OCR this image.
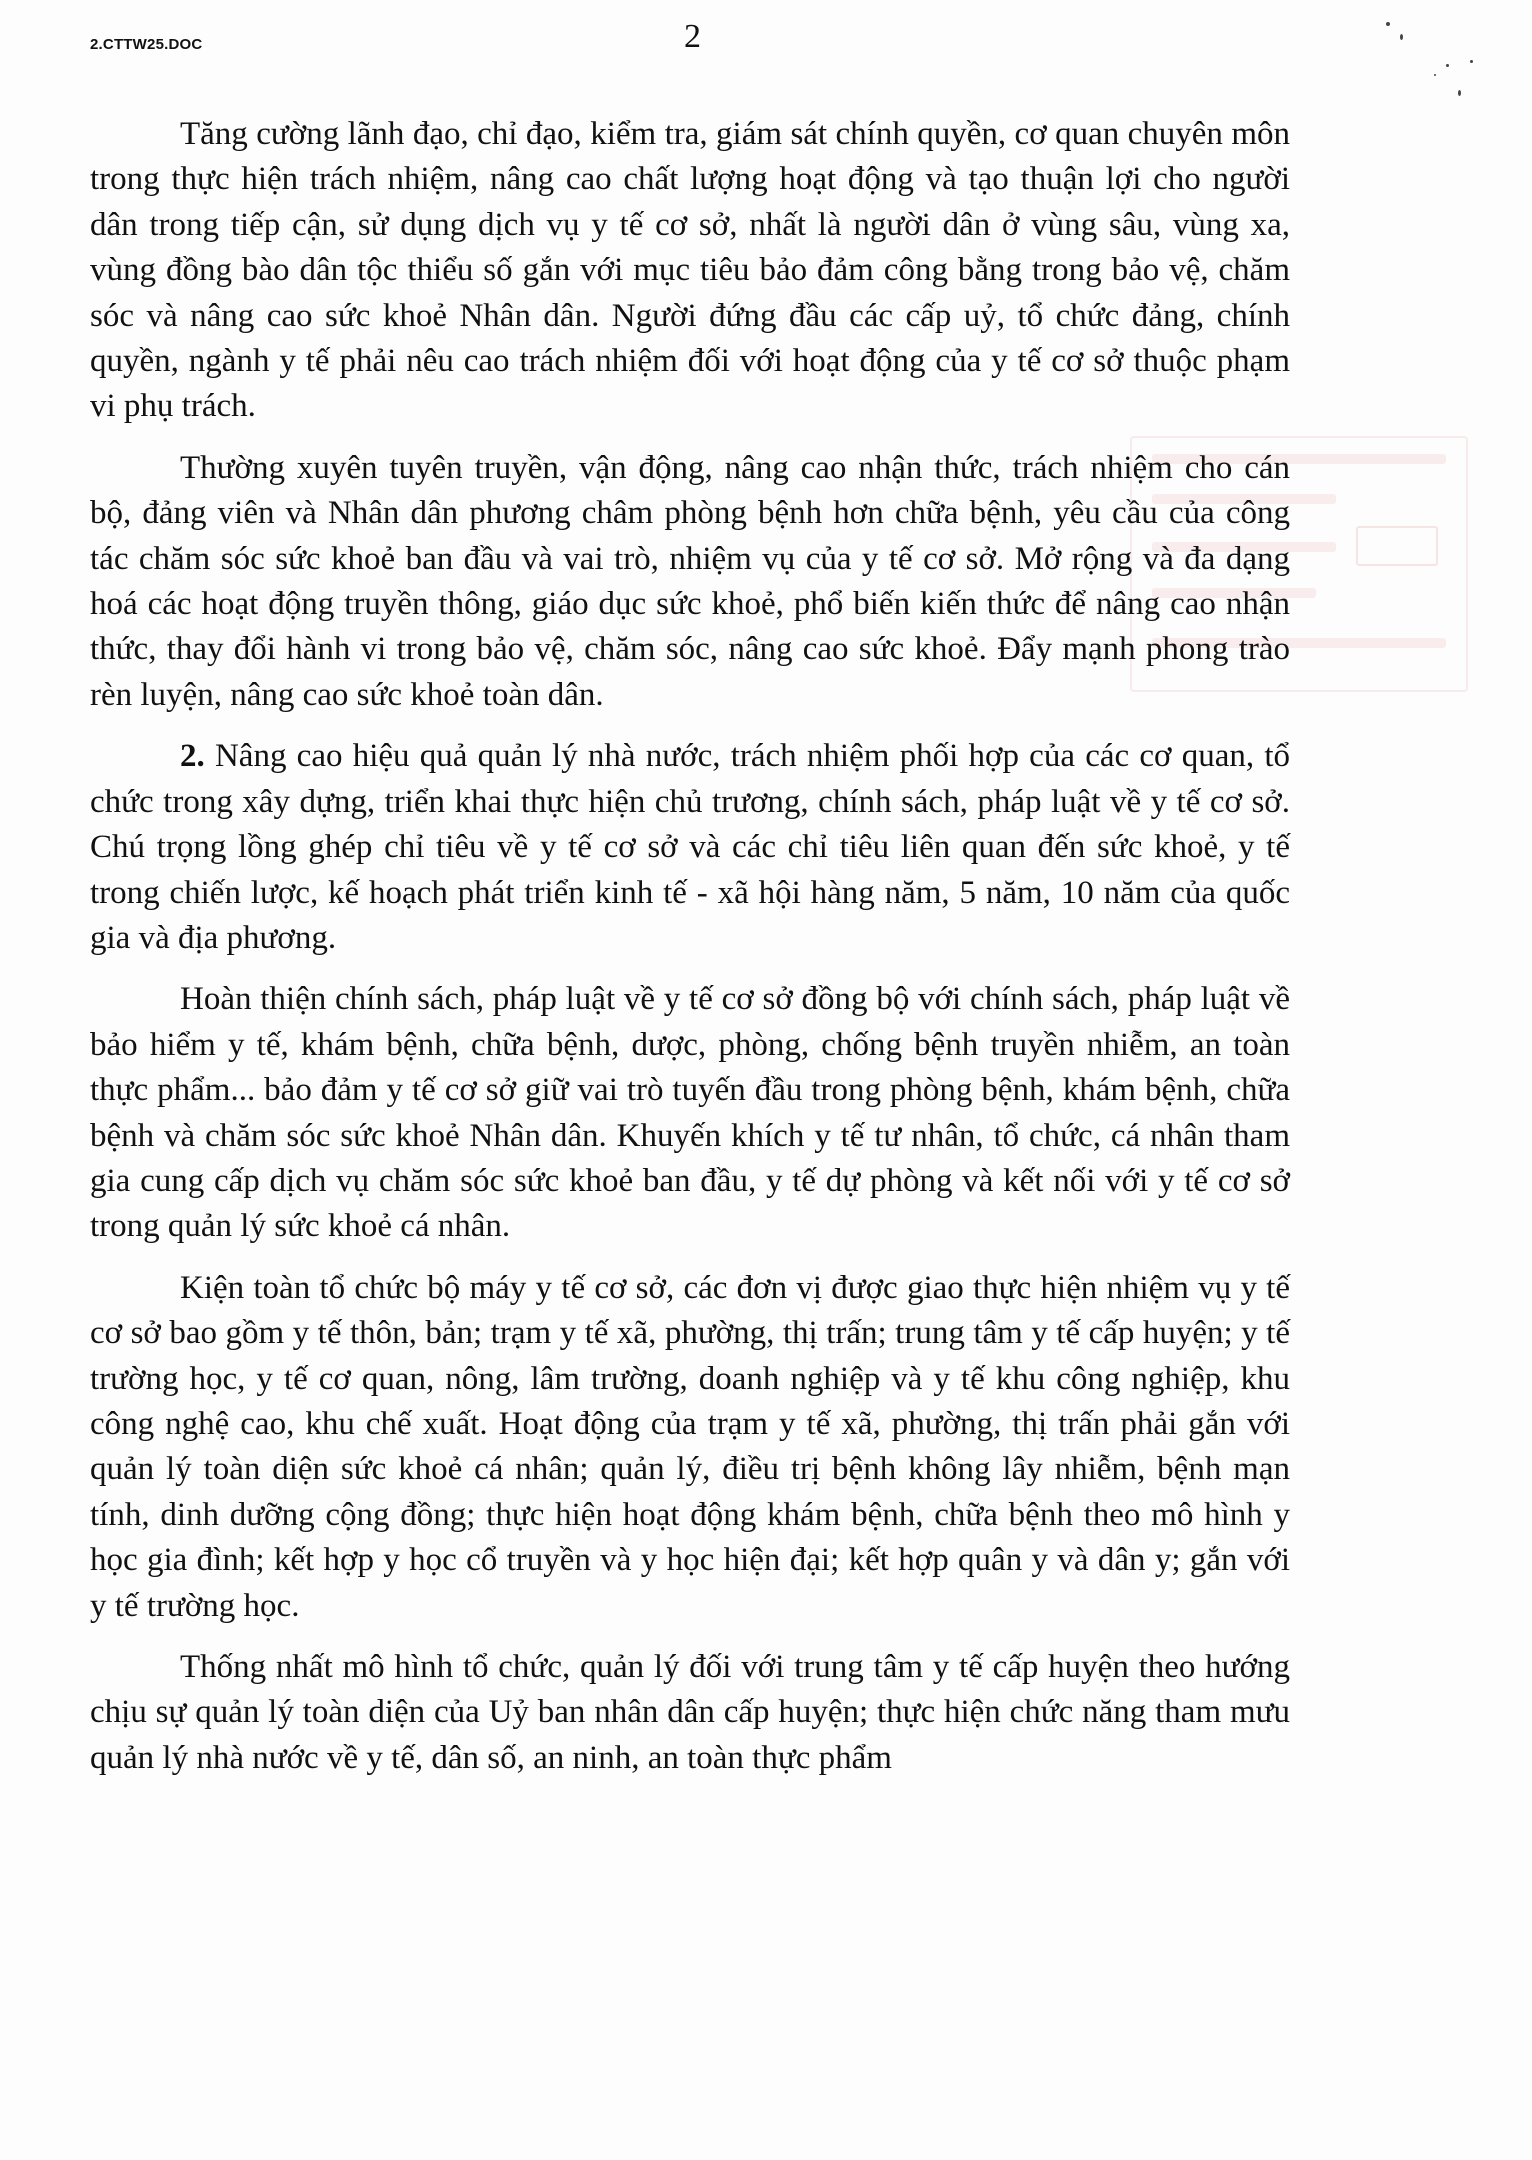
2.CTTW25.DOC	2

Tăng cường lãnh đạo, chỉ đạo, kiểm tra, giám sát chính quyền, cơ quan chuyên môn trong thực hiện trách nhiệm, nâng cao chất lượng hoạt động và tạo thuận lợi cho người dân trong tiếp cận, sử dụng dịch vụ y tế cơ sở, nhất là người dân ở vùng sâu, vùng xa, vùng đồng bào dân tộc thiểu số gắn với mục tiêu bảo đảm công bằng trong bảo vệ, chăm sóc và nâng cao sức khoẻ Nhân dân. Người đứng đầu các cấp uỷ, tổ chức đảng, chính quyền, ngành y tế phải nêu cao trách nhiệm đối với hoạt động của y tế cơ sở thuộc phạm vi phụ trách.

Thường xuyên tuyên truyền, vận động, nâng cao nhận thức, trách nhiệm cho cán bộ, đảng viên và Nhân dân phương châm phòng bệnh hơn chữa bệnh, yêu cầu của công tác chăm sóc sức khoẻ ban đầu và vai trò, nhiệm vụ của y tế cơ sở. Mở rộng và đa dạng hoá các hoạt động truyền thông, giáo dục sức khoẻ, phổ biến kiến thức để nâng cao nhận thức, thay đổi hành vi trong bảo vệ, chăm sóc, nâng cao sức khoẻ. Đẩy mạnh phong trào rèn luyện, nâng cao sức khoẻ toàn dân.

2. Nâng cao hiệu quả quản lý nhà nước, trách nhiệm phối hợp của các cơ quan, tổ chức trong xây dựng, triển khai thực hiện chủ trương, chính sách, pháp luật về y tế cơ sở. Chú trọng lồng ghép chỉ tiêu về y tế cơ sở và các chỉ tiêu liên quan đến sức khoẻ, y tế trong chiến lược, kế hoạch phát triển kinh tế - xã hội hàng năm, 5 năm, 10 năm của quốc gia và địa phương.

Hoàn thiện chính sách, pháp luật về y tế cơ sở đồng bộ với chính sách, pháp luật về bảo hiểm y tế, khám bệnh, chữa bệnh, dược, phòng, chống bệnh truyền nhiễm, an toàn thực phẩm... bảo đảm y tế cơ sở giữ vai trò tuyến đầu trong phòng bệnh, khám bệnh, chữa bệnh và chăm sóc sức khoẻ Nhân dân. Khuyến khích y tế tư nhân, tổ chức, cá nhân tham gia cung cấp dịch vụ chăm sóc sức khoẻ ban đầu, y tế dự phòng và kết nối với y tế cơ sở trong quản lý sức khoẻ cá nhân.

Kiện toàn tổ chức bộ máy y tế cơ sở, các đơn vị được giao thực hiện nhiệm vụ y tế cơ sở bao gồm y tế thôn, bản; trạm y tế xã, phường, thị trấn; trung tâm y tế cấp huyện; y tế trường học, y tế cơ quan, nông, lâm trường, doanh nghiệp và y tế khu công nghiệp, khu công nghệ cao, khu chế xuất. Hoạt động của trạm y tế xã, phường, thị trấn phải gắn với quản lý toàn diện sức khoẻ cá nhân; quản lý, điều trị bệnh không lây nhiễm, bệnh mạn tính, dinh dưỡng cộng đồng; thực hiện hoạt động khám bệnh, chữa bệnh theo mô hình y học gia đình; kết hợp y học cổ truyền và y học hiện đại; kết hợp quân y và dân y; gắn với y tế trường học.

Thống nhất mô hình tổ chức, quản lý đối với trung tâm y tế cấp huyện theo hướng chịu sự quản lý toàn diện của Uỷ ban nhân dân cấp huyện; thực hiện chức năng tham mưu quản lý nhà nước về y tế, dân số, an ninh, an toàn thực phẩm
